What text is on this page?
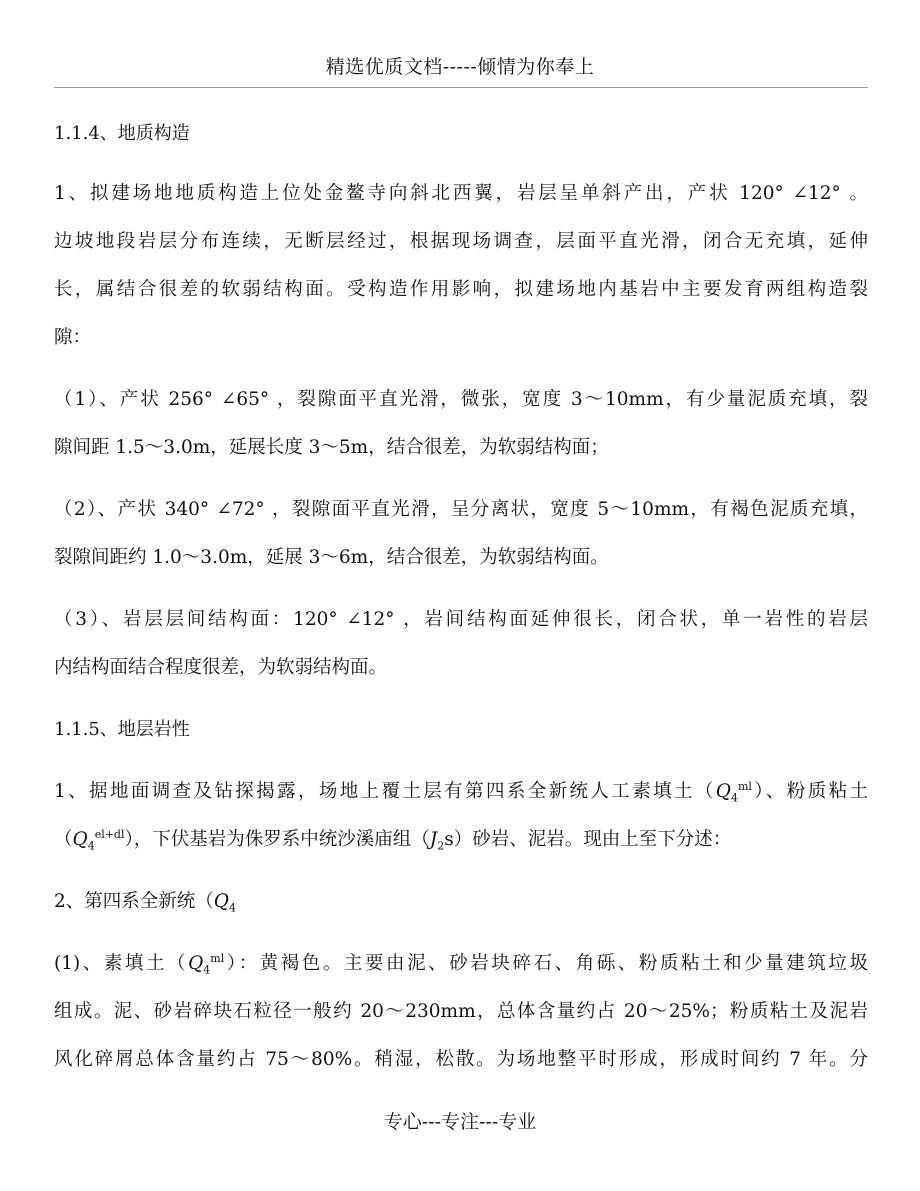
精选优质文档-----倾情为你奉上
1.1.4、地质构造
1、拟建场地地质构造上位处金鳌寺向斜北西翼，岩层呈单斜产出，产状 120° ∠12° 。
边坡地段岩层分布连续，无断层经过，根据现场调查，层面平直光滑，闭合无充填，延伸
长，属结合很差的软弱结构面。受构造作用影响，拟建场地内基岩中主要发育两组构造裂
隙：
（1）、产状 256° ∠65° ，裂隙面平直光滑，微张，宽度 3～10mm，有少量泥质充填，裂
隙间距 1.5～3.0m，延展长度 3～5m，结合很差，为软弱结构面；
（2）、产状 340° ∠72° ，裂隙面平直光滑，呈分离状，宽度 5～10mm，有褐色泥质充填，
裂隙间距约 1.0～3.0m，延展 3～6m，结合很差，为软弱结构面。
（3）、岩层层间结构面：120° ∠12° ，岩间结构面延伸很长，闭合状，单一岩性的岩层
内结构面结合程度很差，为软弱结构面。
1.1.5、地层岩性
1、据地面调查及钻探揭露，场地上覆土层有第四系全新统人工素填土$(Q_4^{ml})$、粉质粘土
$(Q_4^{el+dl})$，下伏基岩为侏罗系中统沙溪庙组$(J_2s)$砂岩、泥岩。现由上至下分述：
2、第四系全新统（$Q_4$
(1)、素填土$(Q_4^{ml})$：黄褐色。主要由泥、砂岩块碎石、角砾、粉质粘土和少量建筑垃圾
组成。泥、砂岩碎块石粒径一般约 20～230mm，总体含量约占 20～25%；粉质粘土及泥岩
风化碎屑总体含量约占 75～80%。稍湿，松散。为场地整平时形成，形成时间约 7 年。分
专心---专注---专业
